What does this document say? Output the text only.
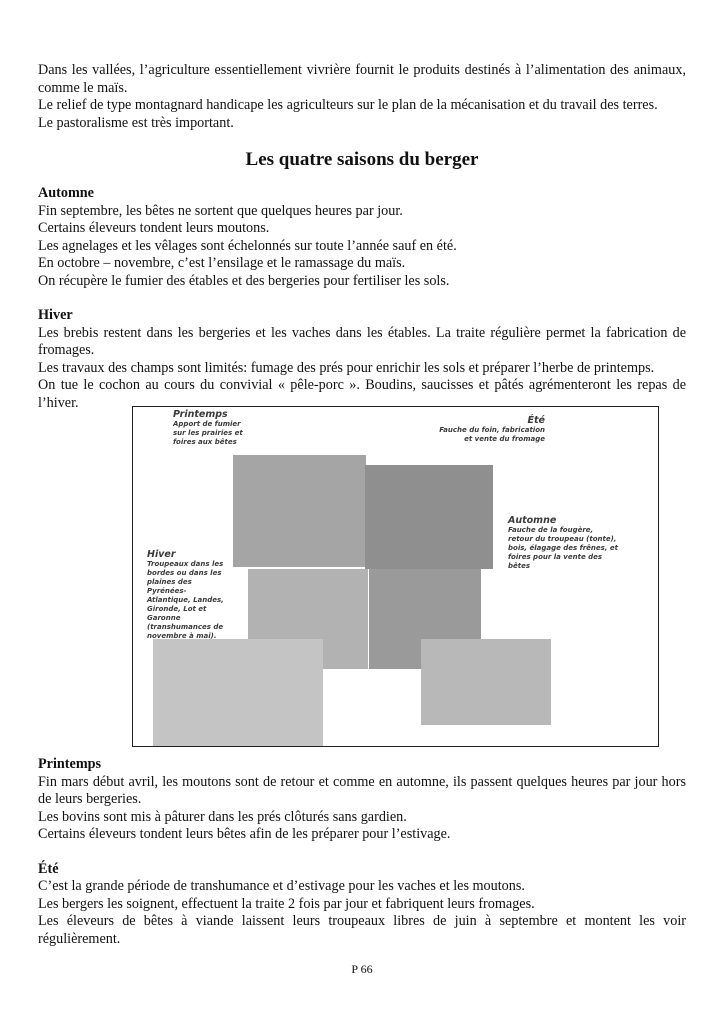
Dans les vallées, l’agriculture essentiellement vivrière fournit le produits destinés à l’alimentation des animaux, comme le maïs.

Le relief de type montagnard handicape les agriculteurs sur le plan de la mécanisation et du travail des terres.

Le pastoralisme est très important.

Les quatre saisons du berger
Automne

Fin septembre, les bêtes ne sortent que quelques heures par jour.

Certains éleveurs tondent leurs moutons.

Les agnelages et les vêlages sont échelonnés sur toute l’année sauf en été.

En octobre – novembre, c’est l’ensilage et le ramassage du maïs.

On récupère le fumier des étables et des bergeries pour fertiliser les sols.

Hiver

Les brebis restent dans les bergeries et les vaches dans les étables. La traite régulière permet la fabrication de fromages.

Les travaux des champs sont limités: fumage des prés pour enrichir les sols et préparer l’herbe de printemps.

On tue le cochon au cours du convivial « pêle-porc ». Boudins, saucisses et pâtés agrémenteront les repas de l’hiver.

Printemps
Apport de fumier sur les prairies et foires aux bêtes
Été
Fauche du foin, fabrication et vente du fromage
Automne
Fauche de la fougère, retour du troupeau (tonte), bois, élagage des frênes, et foires pour la vente des bêtes
Hiver
Troupeaux dans les bordes ou dans les plaines des Pyrénées-Atlantique, Landes, Gironde, Lot et Garonne (transhumances de novembre à mai).
Printemps

Fin mars début avril, les moutons sont de retour et comme en automne, ils passent quelques heures par jour hors de leurs bergeries.

Les bovins sont mis à pâturer dans les prés clôturés sans gardien.

Certains éleveurs tondent leurs bêtes afin de les préparer pour l’estivage.

Été

C’est la grande période de transhumance et d’estivage pour les vaches et les moutons.

Les bergers les soignent, effectuent la traite 2 fois par jour et fabriquent leurs fromages.

Les éleveurs de bêtes à viande laissent leurs troupeaux libres de juin à septembre et montent les voir régulièrement.

P 66
